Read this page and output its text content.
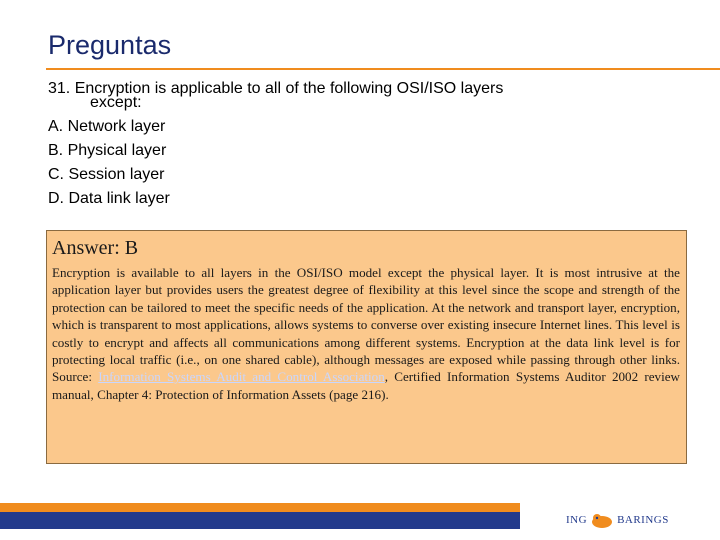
Preguntas
31. Encryption is applicable to all of the following OSI/ISO layers
except:
A. Network layer
B. Physical layer
C. Session layer
D. Data link layer
Answer: B
Encryption is available to all layers in the OSI/ISO model except the physical layer. It is most intrusive at the application layer but provides users the greatest degree of flexibility at this level since the scope and strength of the protection can be tailored to meet the specific needs of the application. At the network and transport layer, encryption, which is transparent to most applications, allows systems to converse over existing insecure Internet lines. This level is costly to encrypt and affects all communications among different systems. Encryption at the data link level is for protecting local traffic (i.e., on one shared cable), although messages are exposed while passing through other links. Source: Information Systems Audit and Control Association, Certified Information Systems Auditor 2002 review manual, Chapter 4: Protection of Information Assets (page 216).
ING	BARINGS
